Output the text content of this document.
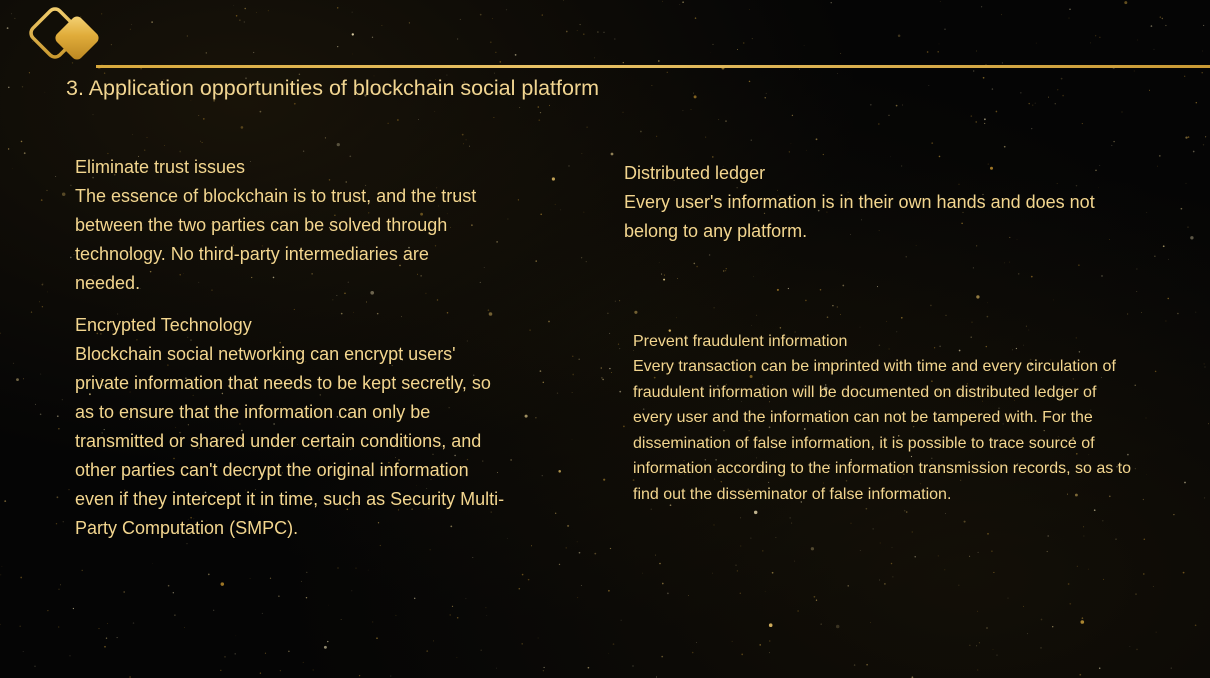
3. Application opportunities of blockchain social platform
Eliminate trust issues

The essence of blockchain is to trust, and the trust between the two parties can be solved through technology. No third-party intermediaries are needed.

Encrypted Technology

Blockchain social networking can encrypt users' private information that needs to be kept secretly, so as to ensure that the information can only be transmitted or shared under certain conditions, and other parties can't decrypt the original information even if they intercept it in time, such as Security Multi-Party Computation (SMPC).

Distributed ledger

Every user's information is in their own hands and does not belong to any platform.

Prevent fraudulent information

Every transaction can be imprinted with time and every circulation of fraudulent information will be documented on distributed ledger of every user and the information can not be tampered with. For the dissemination of false information, it is possible to trace source of information according to the information transmission records, so as to find out the disseminator of false information.
